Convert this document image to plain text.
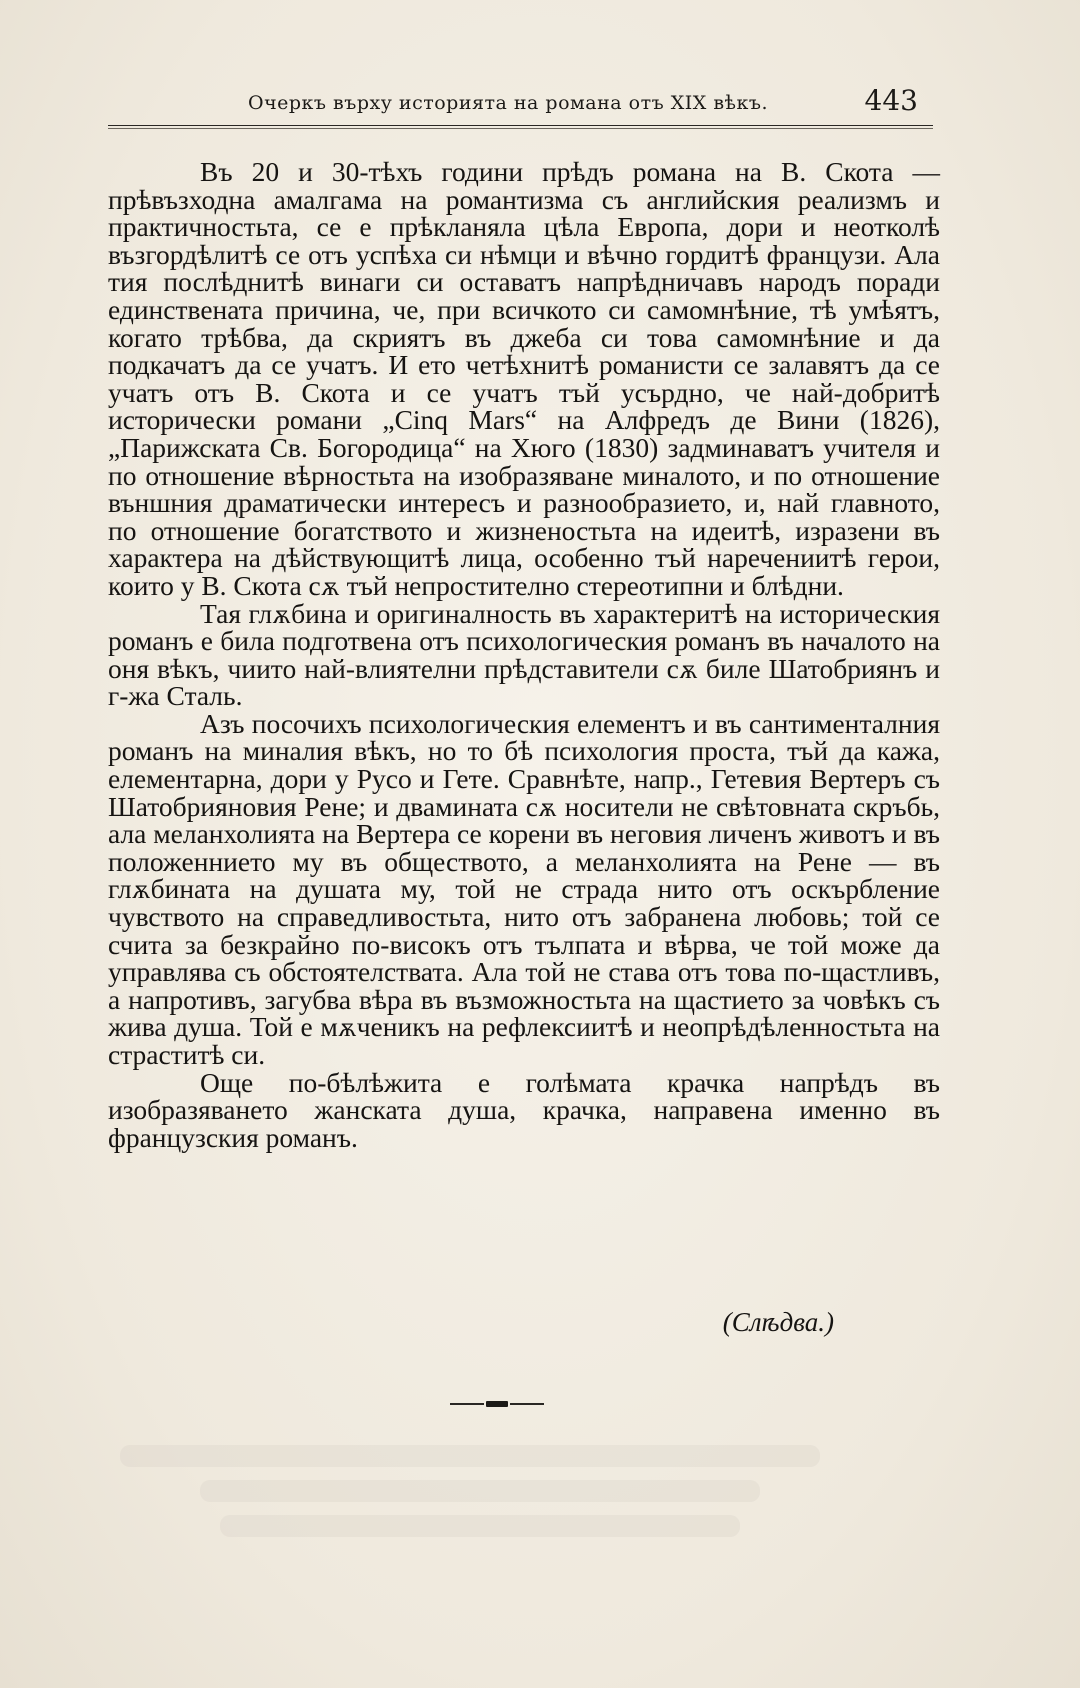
Очеркъ върху историята на романа отъ XIX вѣкъ.	443

Въ 20 и 30-тѣхъ години прѣдъ романа на В. Скота — прѣвъзходна амалгама на романтизма съ английския реализмъ и практичностьта, се е прѣкланяла цѣла Европа, дори и неотколѣ възгордѣлитѣ се отъ успѣха си нѣмци и вѣчно гордитѣ французи. Ала тия послѣднитѣ винаги си оставатъ напрѣдничавъ народъ поради единствената причина, че, при всичкото си самомнѣние, тѣ умѣятъ, когато трѣбва, да скриятъ въ джеба си това самомнѣние и да подкачатъ да се учатъ. И ето четѣхнитѣ романисти се залавятъ да се учатъ отъ В. Скота и се учатъ тъй усърдно, че най-добритѣ исторически романи „Cinq Mars“ на Алфредъ де Вини (1826), „Парижската Св. Богородица“ на Хюго (1830) задминаватъ учителя и по отношение вѣрностьта на изобразяване миналото, и по отношение външния драматически интересъ и разнообразието, и, най главното, по отношение богатството и жизненостьта на идеитѣ, изразени въ характера на дѣйствующитѣ лица, особенно тъй наречениитѣ герои, които у В. Скота сѫ тъй непростително стереотипни и блѣдни.

Тая глѫбина и оригиналность въ характеритѣ на историческия романъ е била подготвена отъ психологическия романъ въ началото на оня вѣкъ, чиито най-влиятелни прѣдставители сѫ биле Шатобриянъ и г-жа Сталь.

Азъ посочихъ психологическия елементъ и въ сантименталния романъ на миналия вѣкъ, но то бѣ психология проста, тъй да кажа, елементарна, дори у Русо и Гете. Сравнѣте, напр., Гетевия Вертеръ съ Шатобрияновия Рене; и двамината сѫ носители не свѣтовната скръбь, ала меланхолията на Вертера се корени въ неговия личенъ животъ и въ положенниeто му въ обществото, а меланхолията на Рене — въ глѫбината на душата му, той не страда нито отъ оскърбление чувството на справедливостьта, нито отъ забранена любовь; той се счита за безкрайно по-високъ отъ тълпата и вѣрва, че той може да управлява съ обстоятелствата. Ала той не става отъ това по-щастливъ, а напротивъ, загубва вѣра въ възможностьта на щастието за човѣкъ съ жива душа. Той е мѫченикъ на рефлексиитѣ и неопрѣдѣленностьта на страститѣ си.

Още по-бѣлѣжита е голѣмата крачка напрѣдъ въ изобразяването жанската душа, крачка, направена именно въ французския романъ.

(Слѣдва.)
